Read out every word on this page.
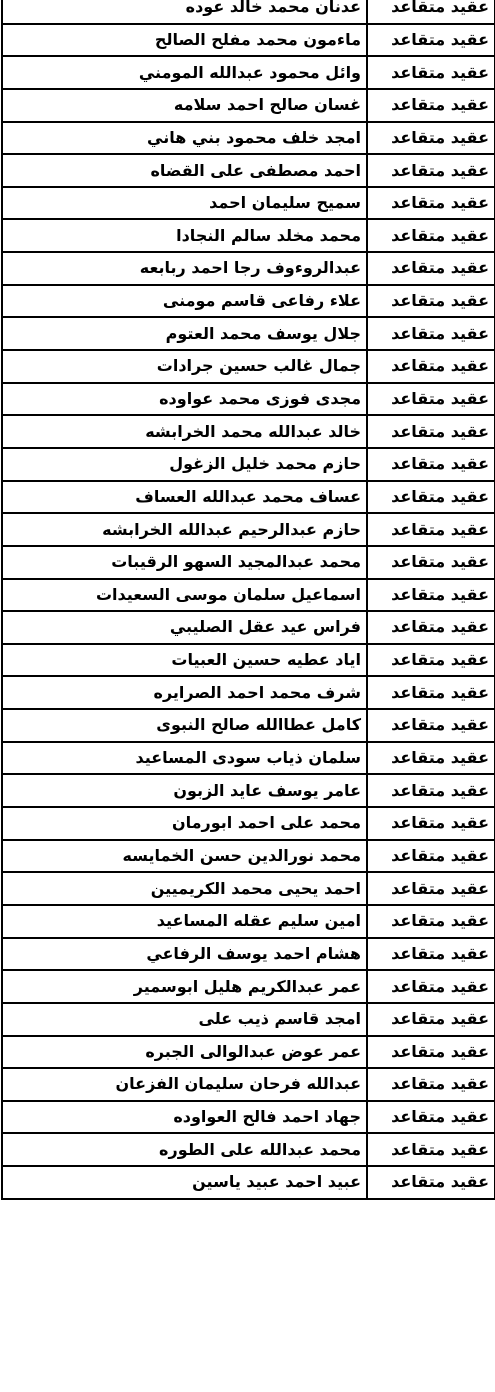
عقيد متقاعد	عدنان محمد خالد عوده
عقيد متقاعد	ماءمون محمد مفلح الصالح
عقيد متقاعد	وائل محمود عبدالله المومني
عقيد متقاعد	غسان صالح احمد سلامه
عقيد متقاعد	امجد خلف محمود بني هاني
عقيد متقاعد	احمد مصطفى على القضاه
عقيد متقاعد	سميح سليمان احمد
عقيد متقاعد	محمد مخلد سالم النجادا
عقيد متقاعد	عبدالروءوف رجا احمد ربابعه
عقيد متقاعد	علاء رفاعى قاسم مومنى
عقيد متقاعد	جلال يوسف محمد العتوم
عقيد متقاعد	جمال غالب حسين جرادات
عقيد متقاعد	مجدى فوزى محمد عواوده
عقيد متقاعد	خالد عبدالله محمد الخرابشه
عقيد متقاعد	حازم محمد خليل الزغول
عقيد متقاعد	عساف محمد عبدالله العساف
عقيد متقاعد	حازم عبدالرحيم عبدالله الخرابشه
عقيد متقاعد	محمد عبدالمجيد السهو الرقيبات
عقيد متقاعد	اسماعيل سلمان موسى السعيدات
عقيد متقاعد	فراس عيد عقل الصليبي
عقيد متقاعد	اياد عطيه حسين العبيات
عقيد متقاعد	شرف محمد احمد الصرايره
عقيد متقاعد	كامل عطاالله صالح النبوى
عقيد متقاعد	سلمان ذياب سودى المساعيد
عقيد متقاعد	عامر يوسف عايد الزبون
عقيد متقاعد	محمد على احمد ابورمان
عقيد متقاعد	محمد نورالدين حسن الخمايسه
عقيد متقاعد	احمد يحيى محمد الكريميين
عقيد متقاعد	امين سليم عقله المساعيد
عقيد متقاعد	هشام احمد يوسف الرفاعي
عقيد متقاعد	عمر عبدالكريم هليل ابوسمير
عقيد متقاعد	امجد قاسم ذيب على
عقيد متقاعد	عمر عوض عبدالوالى الجبره
عقيد متقاعد	عبدالله فرحان سليمان الفزعان
عقيد متقاعد	جهاد احمد فالح العواوده
عقيد متقاعد	محمد عبدالله على الطوره
عقيد متقاعد	عبيد احمد عبيد ياسين
